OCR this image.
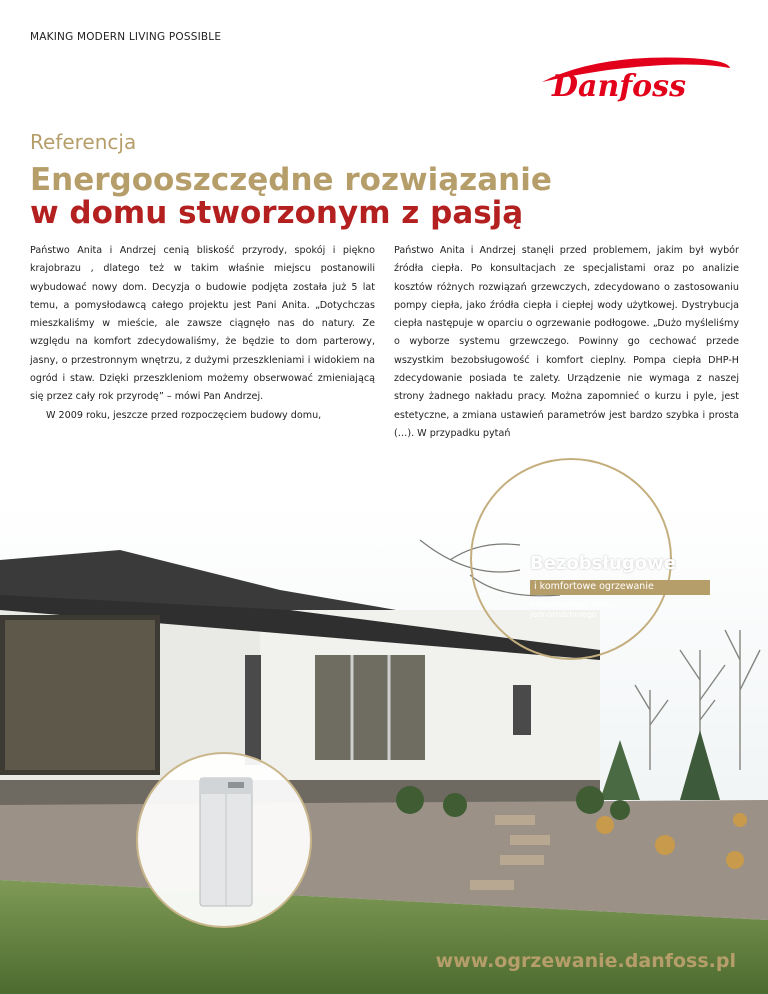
MAKING MODERN LIVING POSSIBLE
Danfoss
Referencja
Energooszczędne rozwiązanie
w domu stworzonym z pasją

Państwo Anita i Andrzej cenią bliskość przyrody, spokój i piękno krajobrazu , dlatego też w takim właśnie miejscu postanowili wybudować nowy dom. Decyzja o budowie podjęta została już 5 lat temu, a pomysłodawcą całego projektu jest Pani Anita. „Dotychczas mieszkaliśmy w mieście, ale zawsze ciągnęło nas do natury. Ze względu na komfort zdecydowaliśmy, że będzie to dom parterowy, jasny, o przestronnym wnętrzu, z dużymi przeszkleniami i widokiem na ogród i staw. Dzięki przeszkleniom możemy obserwować zmieniającą się przez cały rok przyrodę” – mówi Pan Andrzej.

W 2009 roku, jeszcze przed rozpoczęciem budowy domu,

Państwo Anita i Andrzej stanęli przed problemem, jakim był wybór źródła ciepła. Po konsultacjach ze specjalistami oraz po analizie kosztów różnych rozwiązań grzewczych, zdecydowano o zastosowaniu pompy ciepła, jako źródła ciepła i ciepłej wody użytkowej. Dystrybucja ciepła następuje w oparciu o ogrzewanie podłogowe. „Dużo myśleliśmy o wyborze systemu grzewczego. Powinny go cechować przede wszystkim bezobsługowość i komfort cieplny. Pompa ciepła DHP-H zdecydowanie posiada te zalety. Urządzenie nie wymaga z naszej strony żadnego nakładu pracy. Można zapomnieć o kurzu i pyle, jest estetyczne, a zmiana ustawień parametrów jest bardzo szybka i prosta (…). W przypadku pytań

Bezobsługowe
i komfortowe ogrzewanie
nowoczesnego domu jednorodzinnego
www.ogrzewanie.danfoss.pl
